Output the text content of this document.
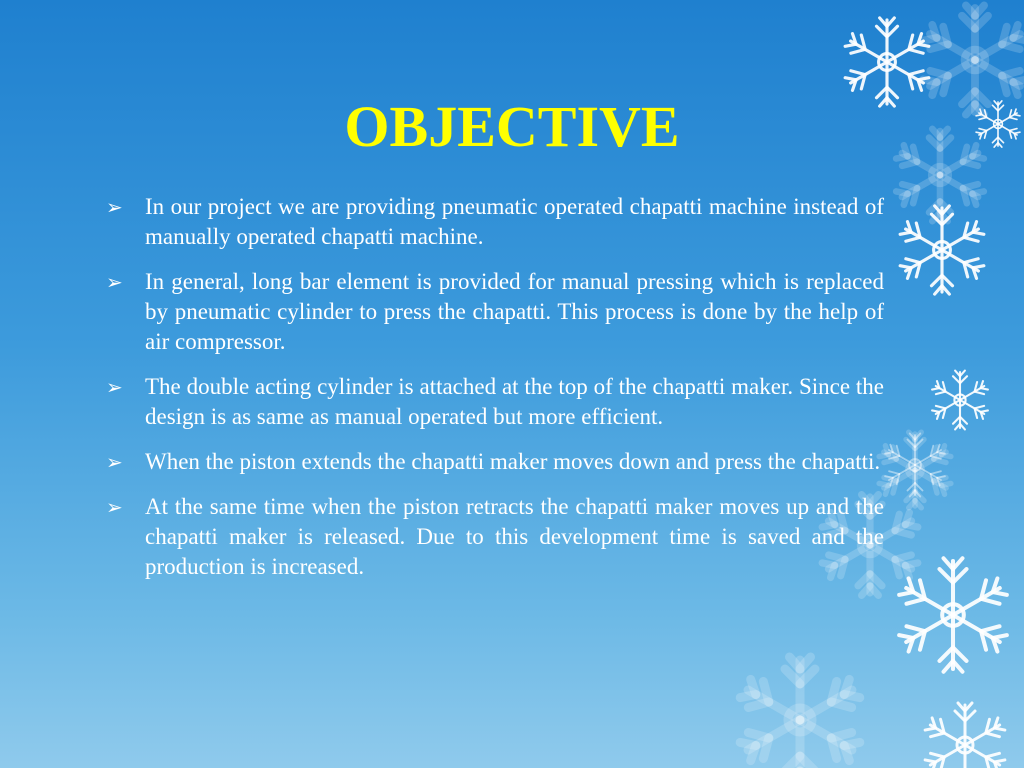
OBJECTIVE
➢ In our project we are providing pneumatic operated chapatti machine instead of manually operated chapatti machine.
➢ In general, long bar element is provided for manual pressing which is replaced by pneumatic cylinder to press the chapatti. This process is done by the help of air compressor.
➢ The double acting cylinder is attached at the top of the chapatti maker. Since the design is as same as manual operated but more efficient.
➢ When the piston extends the chapatti maker moves down and press the chapatti.
➢ At the same time when the piston retracts the chapatti maker moves up and the chapatti maker is released. Due to this development time is saved and the production is increased.
